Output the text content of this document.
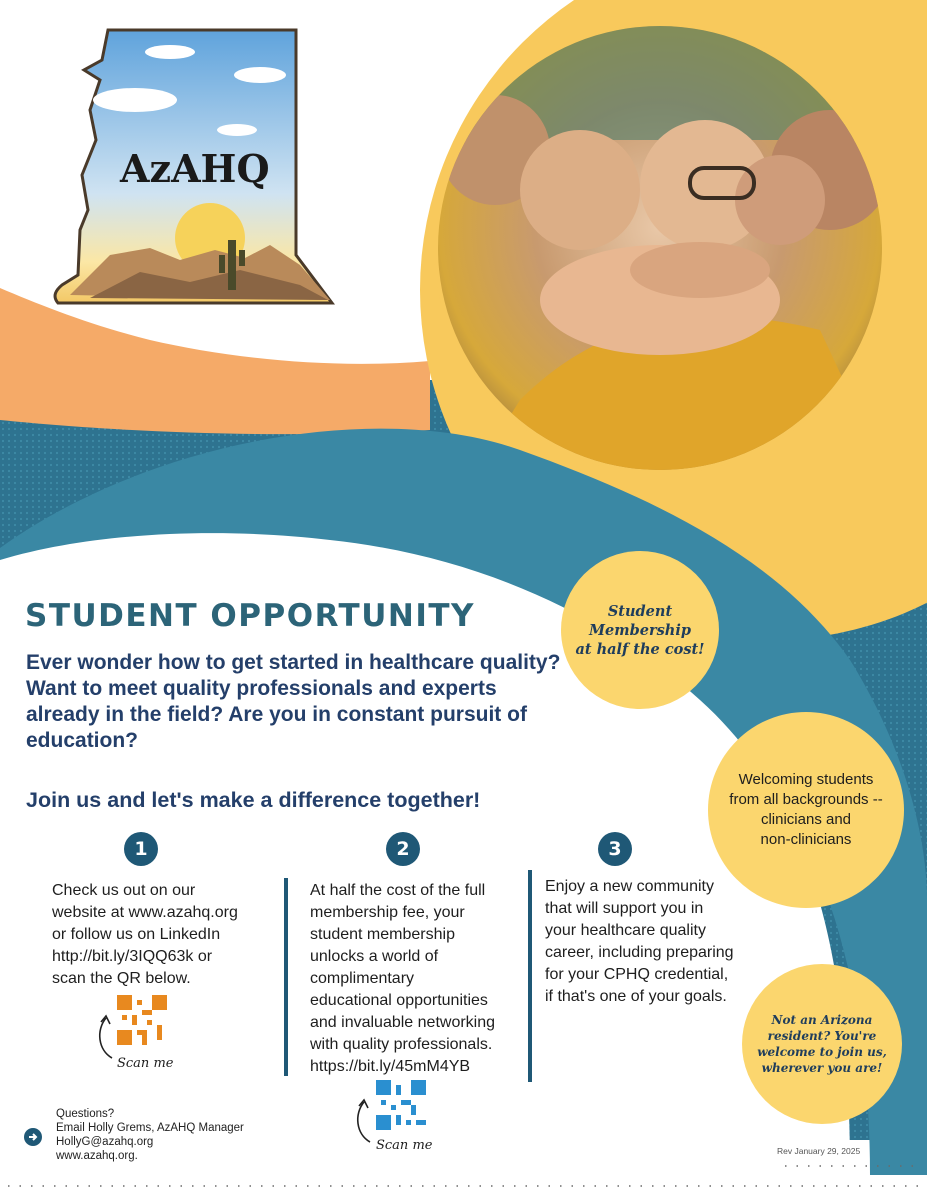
AzAHQ
STUDENT OPPORTUNITY
Ever wonder how to get started in healthcare quality? Want to meet quality professionals and experts already in the field? Are you in constant pursuit of education?
Join us and let's make a difference together!
1	2	3
Check us out on our
website at www.azahq.org
or follow us on LinkedIn
http://bit.ly/3IQQ63k or
scan the QR below.
At half the cost of the full
membership fee, your
student membership
unlocks a world of
complimentary
educational opportunities
and invaluable networking
with quality professionals.
https://bit.ly/45mM4YB
Enjoy a new community
that will support you in
your healthcare quality
career, including preparing
for your CPHQ credential,
if that's one of your goals.
Scan me
Scan me
Student
Membership
at half the cost!
Welcoming students
from all backgrounds --
clinicians and
non-clinicians
Not an Arizona
resident? You're
welcome to join us,
wherever you are!
Questions?
Email Holly Grems, AzAHQ Manager
HollyG@azahq.org
www.azahq.org.	Rev January 29, 2025
